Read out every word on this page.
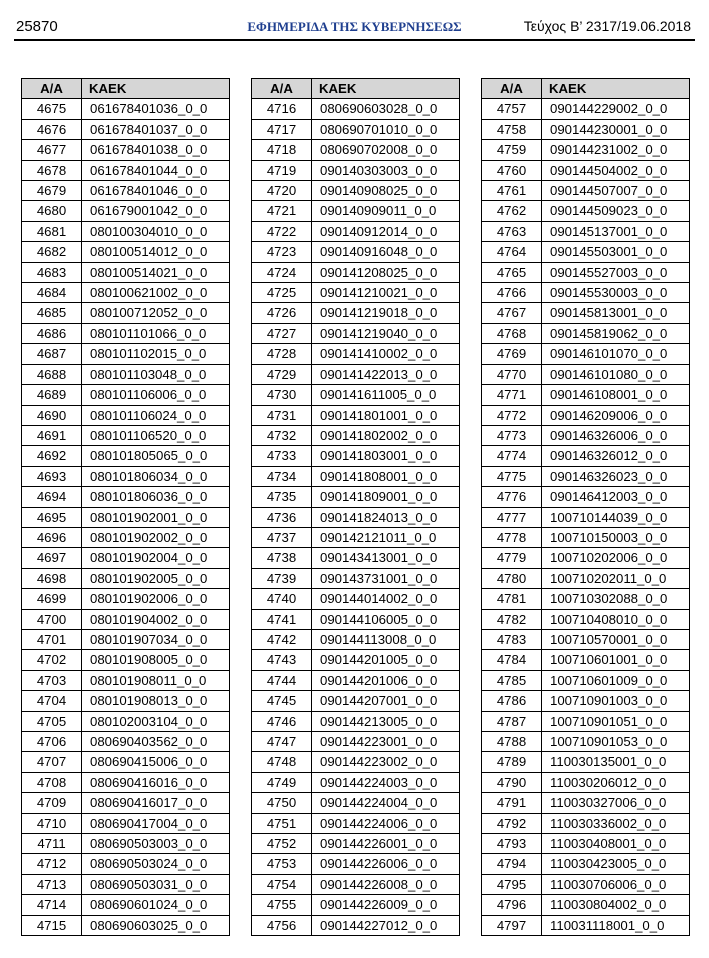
25870	ΕΦΗΜΕΡΙΔΑ ΤΗΣ ΚΥΒΕΡΝΗΣΕΩΣ	Τεύχος Β’ 2317/19.06.2018
Α/Α	ΚΑΕΚ
4675	061678401036_0_0
4676	061678401037_0_0
4677	061678401038_0_0
4678	061678401044_0_0
4679	061678401046_0_0
4680	061679001042_0_0
4681	080100304010_0_0
4682	080100514012_0_0
4683	080100514021_0_0
4684	080100621002_0_0
4685	080100712052_0_0
4686	080101101066_0_0
4687	080101102015_0_0
4688	080101103048_0_0
4689	080101106006_0_0
4690	080101106024_0_0
4691	080101106520_0_0
4692	080101805065_0_0
4693	080101806034_0_0
4694	080101806036_0_0
4695	080101902001_0_0
4696	080101902002_0_0
4697	080101902004_0_0
4698	080101902005_0_0
4699	080101902006_0_0
4700	080101904002_0_0
4701	080101907034_0_0
4702	080101908005_0_0
4703	080101908011_0_0
4704	080101908013_0_0
4705	080102003104_0_0
4706	080690403562_0_0
4707	080690415006_0_0
4708	080690416016_0_0
4709	080690416017_0_0
4710	080690417004_0_0
4711	080690503003_0_0
4712	080690503024_0_0
4713	080690503031_0_0
4714	080690601024_0_0
4715	080690603025_0_0
Α/Α	ΚΑΕΚ
4716	080690603028_0_0
4717	080690701010_0_0
4718	080690702008_0_0
4719	090140303003_0_0
4720	090140908025_0_0
4721	090140909011_0_0
4722	090140912014_0_0
4723	090140916048_0_0
4724	090141208025_0_0
4725	090141210021_0_0
4726	090141219018_0_0
4727	090141219040_0_0
4728	090141410002_0_0
4729	090141422013_0_0
4730	090141611005_0_0
4731	090141801001_0_0
4732	090141802002_0_0
4733	090141803001_0_0
4734	090141808001_0_0
4735	090141809001_0_0
4736	090141824013_0_0
4737	090142121011_0_0
4738	090143413001_0_0
4739	090143731001_0_0
4740	090144014002_0_0
4741	090144106005_0_0
4742	090144113008_0_0
4743	090144201005_0_0
4744	090144201006_0_0
4745	090144207001_0_0
4746	090144213005_0_0
4747	090144223001_0_0
4748	090144223002_0_0
4749	090144224003_0_0
4750	090144224004_0_0
4751	090144224006_0_0
4752	090144226001_0_0
4753	090144226006_0_0
4754	090144226008_0_0
4755	090144226009_0_0
4756	090144227012_0_0
Α/Α	ΚΑΕΚ
4757	090144229002_0_0
4758	090144230001_0_0
4759	090144231002_0_0
4760	090144504002_0_0
4761	090144507007_0_0
4762	090144509023_0_0
4763	090145137001_0_0
4764	090145503001_0_0
4765	090145527003_0_0
4766	090145530003_0_0
4767	090145813001_0_0
4768	090145819062_0_0
4769	090146101070_0_0
4770	090146101080_0_0
4771	090146108001_0_0
4772	090146209006_0_0
4773	090146326006_0_0
4774	090146326012_0_0
4775	090146326023_0_0
4776	090146412003_0_0
4777	100710144039_0_0
4778	100710150003_0_0
4779	100710202006_0_0
4780	100710202011_0_0
4781	100710302088_0_0
4782	100710408010_0_0
4783	100710570001_0_0
4784	100710601001_0_0
4785	100710601009_0_0
4786	100710901003_0_0
4787	100710901051_0_0
4788	100710901053_0_0
4789	110030135001_0_0
4790	110030206012_0_0
4791	110030327006_0_0
4792	110030336002_0_0
4793	110030408001_0_0
4794	110030423005_0_0
4795	110030706006_0_0
4796	110030804002_0_0
4797	110031118001_0_0
